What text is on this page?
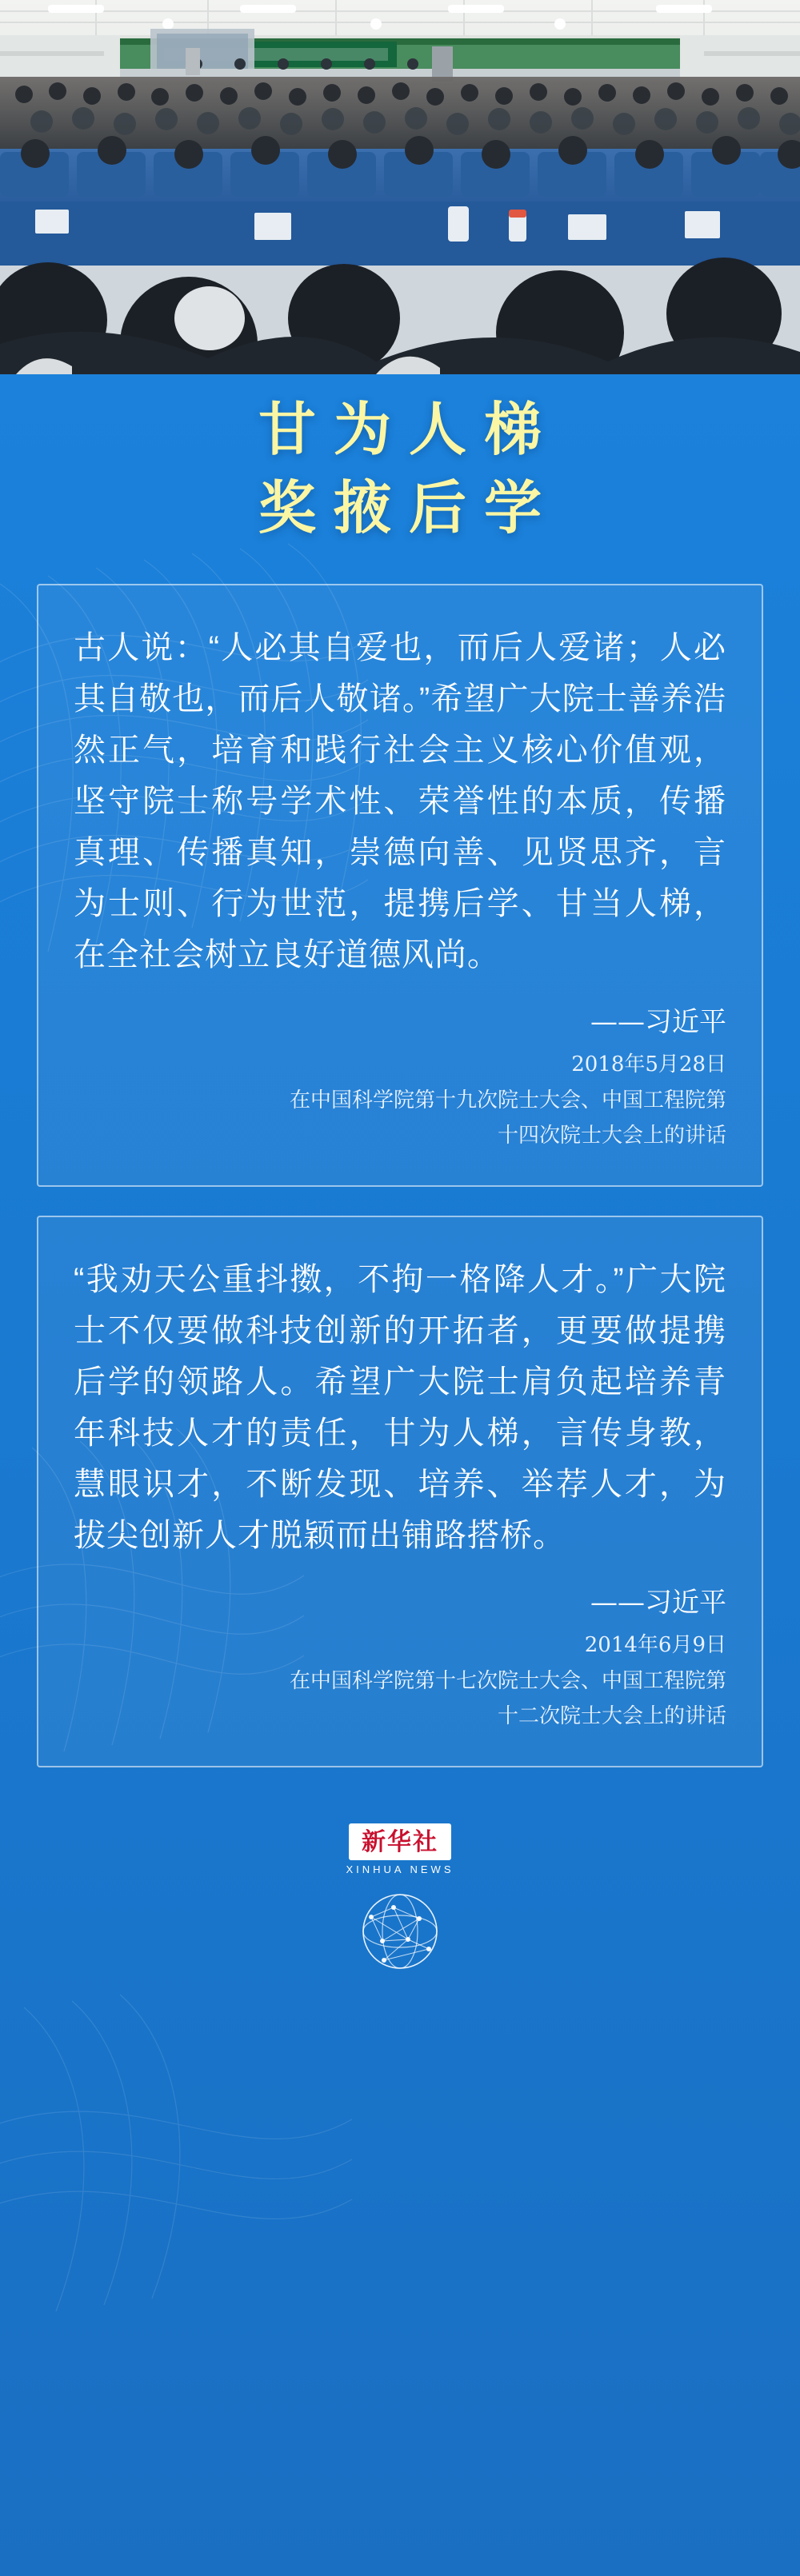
甘为人梯
奖掖后学
古人说：“人必其自爱也，而后人爱诸；人必其自敬也，而后人敬诸。”希望广大院士善养浩然正气，培育和践行社会主义核心价值观，坚守院士称号学术性、荣誉性的本质，传播真理、传播真知，崇德向善、见贤思齐，言为士则、行为世范，提携后学、甘当人梯，在全社会树立良好道德风尚。
——习近平
2018年5月28日
在中国科学院第十九次院士大会、中国工程院第
十四次院士大会上的讲话
“我劝天公重抖擞，不拘一格降人才。”广大院士不仅要做科技创新的开拓者，更要做提携后学的领路人。希望广大院士肩负起培养青年科技人才的责任，甘为人梯，言传身教，慧眼识才，不断发现、培养、举荐人才，为拔尖创新人才脱颖而出铺路搭桥。
——习近平
2014年6月9日
在中国科学院第十七次院士大会、中国工程院第
十二次院士大会上的讲话
新华社
XINHUA NEWS
